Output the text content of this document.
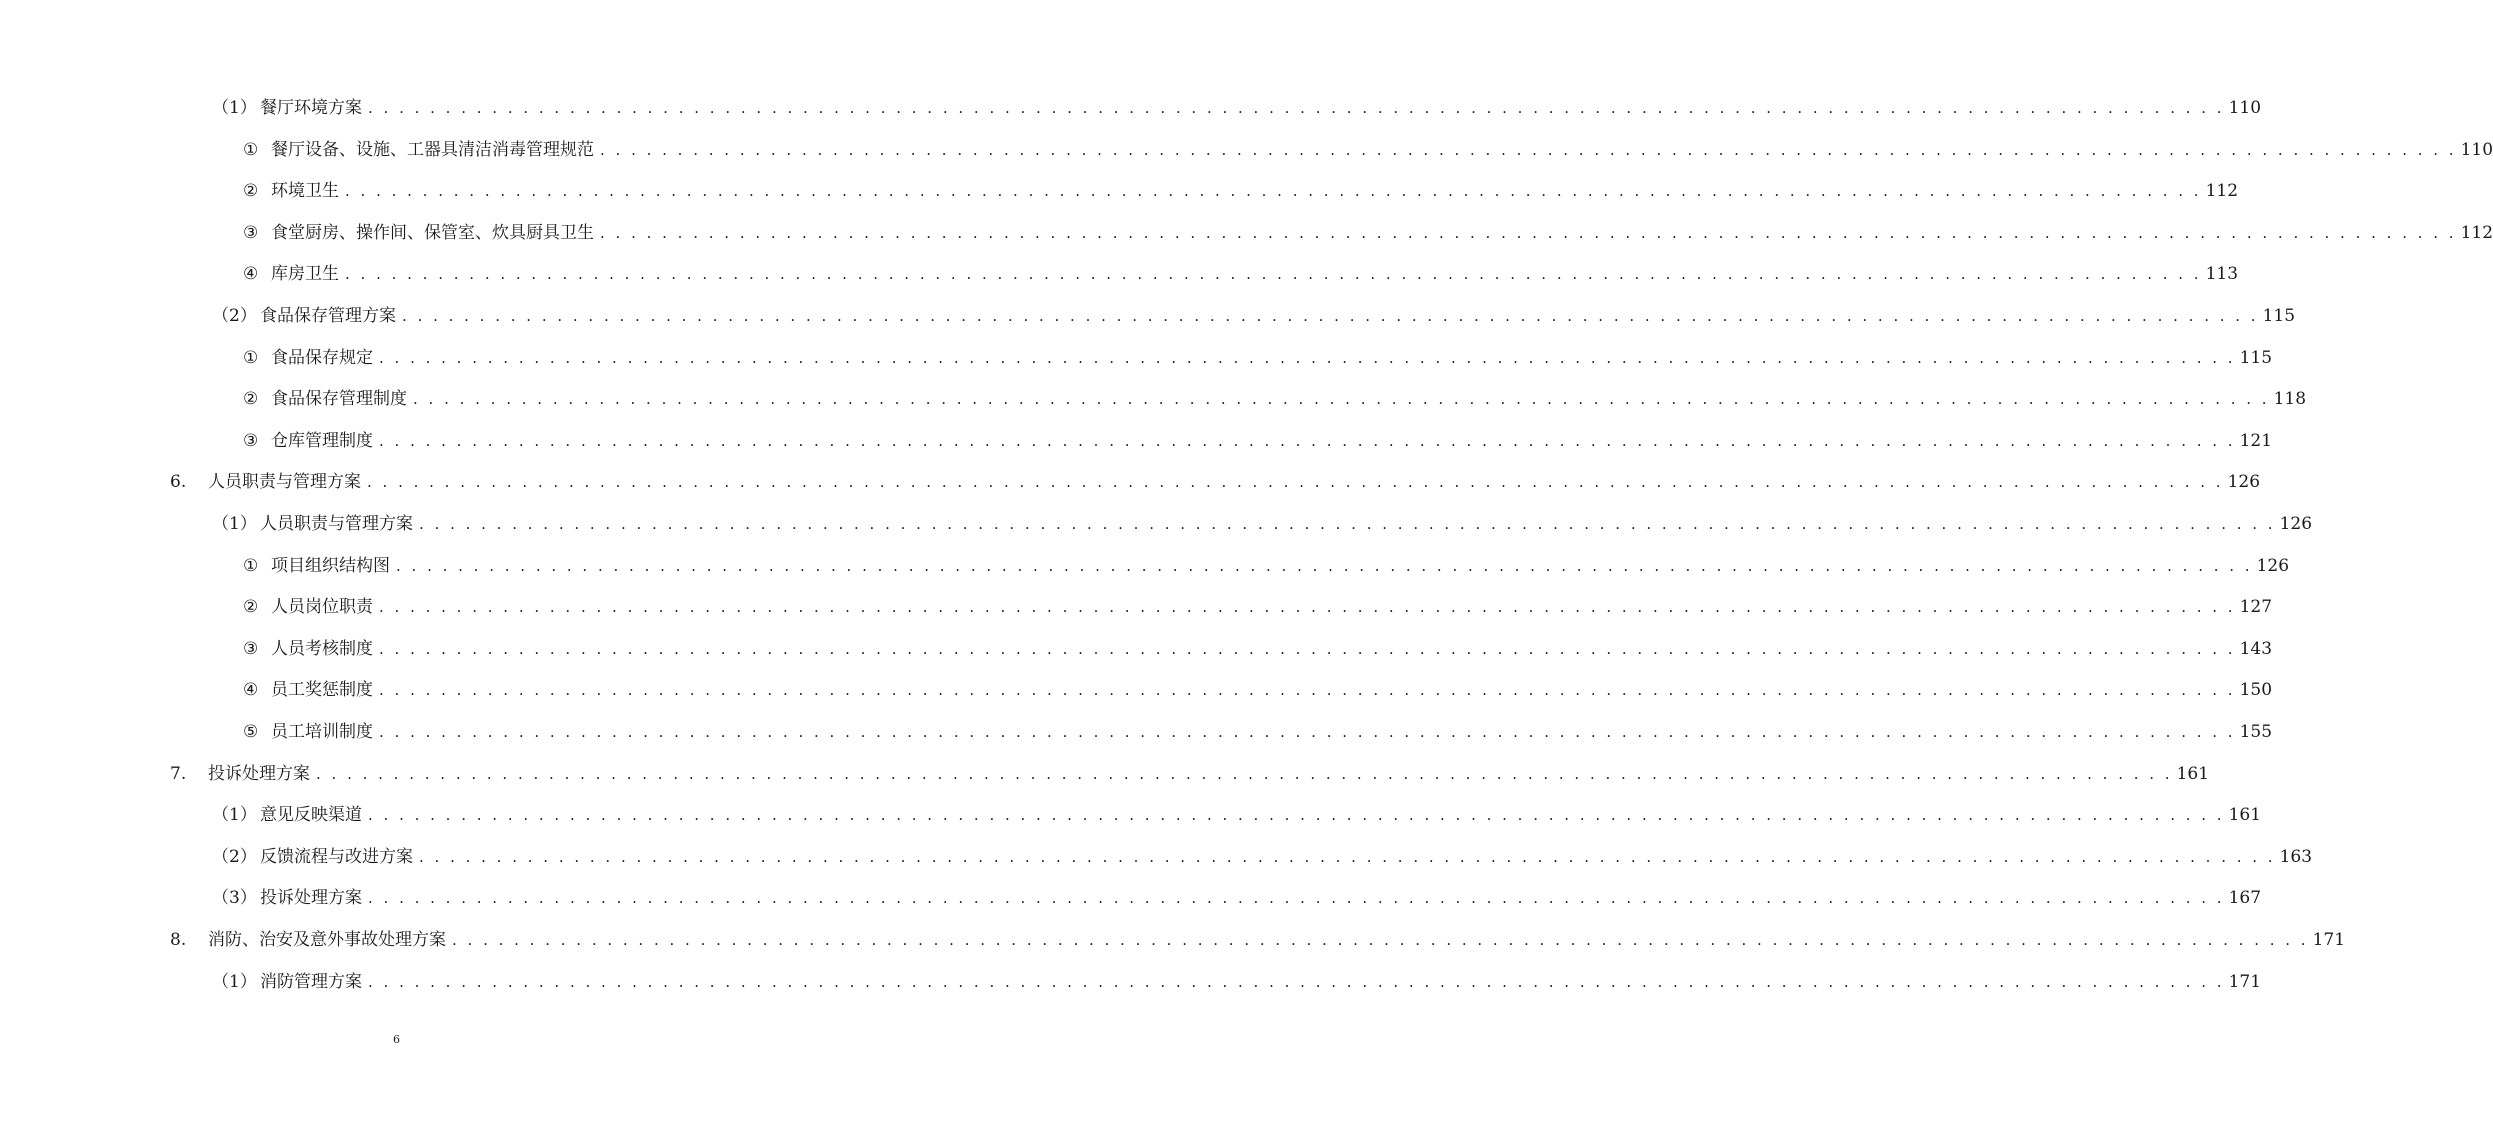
（1） 餐厅环境方案 . . . . . . . . . . . . . . . . . . . . . . . . . . . . . . . . . . . . . . . . . . . . . . . . . . . . . . . . . . . . . . . . . . . . . . . . . . . . . . . . . . . . . . . . . . . . . . . . . . . . . . . . . . . . . . . . . . . . . . . . 110
① 餐厅设备、设施、工器具清洁消毒管理规范 . . . . . . . . . . . . . . . . . . . . . . . . . . . . . . . . . . . . . . . . . . . . . . . . . . . . . . . . . . . . . . . . . . . . . . . . . . . . . . . . . . . . . . . . . . . . . . . . . . . . . . . . . . . . . . . . . . . . . . . . 110
② 环境卫生 . . . . . . . . . . . . . . . . . . . . . . . . . . . . . . . . . . . . . . . . . . . . . . . . . . . . . . . . . . . . . . . . . . . . . . . . . . . . . . . . . . . . . . . . . . . . . . . . . . . . . . . . . . . . . . . . . . . . . . . . 112
③ 食堂厨房、操作间、保管室、炊具厨具卫生 . . . . . . . . . . . . . . . . . . . . . . . . . . . . . . . . . . . . . . . . . . . . . . . . . . . . . . . . . . . . . . . . . . . . . . . . . . . . . . . . . . . . . . . . . . . . . . . . . . . . . . . . . . . . . . . . . . . . . . . . 112
④ 库房卫生 . . . . . . . . . . . . . . . . . . . . . . . . . . . . . . . . . . . . . . . . . . . . . . . . . . . . . . . . . . . . . . . . . . . . . . . . . . . . . . . . . . . . . . . . . . . . . . . . . . . . . . . . . . . . . . . . . . . . . . . . 113
（2） 食品保存管理方案 . . . . . . . . . . . . . . . . . . . . . . . . . . . . . . . . . . . . . . . . . . . . . . . . . . . . . . . . . . . . . . . . . . . . . . . . . . . . . . . . . . . . . . . . . . . . . . . . . . . . . . . . . . . . . . . . . . . . . . . . 115
① 食品保存规定 . . . . . . . . . . . . . . . . . . . . . . . . . . . . . . . . . . . . . . . . . . . . . . . . . . . . . . . . . . . . . . . . . . . . . . . . . . . . . . . . . . . . . . . . . . . . . . . . . . . . . . . . . . . . . . . . . . . . . . . . 115
② 食品保存管理制度 . . . . . . . . . . . . . . . . . . . . . . . . . . . . . . . . . . . . . . . . . . . . . . . . . . . . . . . . . . . . . . . . . . . . . . . . . . . . . . . . . . . . . . . . . . . . . . . . . . . . . . . . . . . . . . . . . . . . . . . . 118
③ 仓库管理制度 . . . . . . . . . . . . . . . . . . . . . . . . . . . . . . . . . . . . . . . . . . . . . . . . . . . . . . . . . . . . . . . . . . . . . . . . . . . . . . . . . . . . . . . . . . . . . . . . . . . . . . . . . . . . . . . . . . . . . . . . 121
6.	人员职责与管理方案 . . . . . . . . . . . . . . . . . . . . . . . . . . . . . . . . . . . . . . . . . . . . . . . . . . . . . . . . . . . . . . . . . . . . . . . . . . . . . . . . . . . . . . . . . . . . . . . . . . . . . . . . . . . . . . . . . . . . . . . . 126
（1） 人员职责与管理方案 . . . . . . . . . . . . . . . . . . . . . . . . . . . . . . . . . . . . . . . . . . . . . . . . . . . . . . . . . . . . . . . . . . . . . . . . . . . . . . . . . . . . . . . . . . . . . . . . . . . . . . . . . . . . . . . . . . . . . . . . 126
① 项目组织结构图 . . . . . . . . . . . . . . . . . . . . . . . . . . . . . . . . . . . . . . . . . . . . . . . . . . . . . . . . . . . . . . . . . . . . . . . . . . . . . . . . . . . . . . . . . . . . . . . . . . . . . . . . . . . . . . . . . . . . . . . . 126
② 人员岗位职责 . . . . . . . . . . . . . . . . . . . . . . . . . . . . . . . . . . . . . . . . . . . . . . . . . . . . . . . . . . . . . . . . . . . . . . . . . . . . . . . . . . . . . . . . . . . . . . . . . . . . . . . . . . . . . . . . . . . . . . . . 127
③ 人员考核制度 . . . . . . . . . . . . . . . . . . . . . . . . . . . . . . . . . . . . . . . . . . . . . . . . . . . . . . . . . . . . . . . . . . . . . . . . . . . . . . . . . . . . . . . . . . . . . . . . . . . . . . . . . . . . . . . . . . . . . . . . 143
④ 员工奖惩制度 . . . . . . . . . . . . . . . . . . . . . . . . . . . . . . . . . . . . . . . . . . . . . . . . . . . . . . . . . . . . . . . . . . . . . . . . . . . . . . . . . . . . . . . . . . . . . . . . . . . . . . . . . . . . . . . . . . . . . . . . 150
⑤ 员工培训制度 . . . . . . . . . . . . . . . . . . . . . . . . . . . . . . . . . . . . . . . . . . . . . . . . . . . . . . . . . . . . . . . . . . . . . . . . . . . . . . . . . . . . . . . . . . . . . . . . . . . . . . . . . . . . . . . . . . . . . . . . 155
7.	投诉处理方案 . . . . . . . . . . . . . . . . . . . . . . . . . . . . . . . . . . . . . . . . . . . . . . . . . . . . . . . . . . . . . . . . . . . . . . . . . . . . . . . . . . . . . . . . . . . . . . . . . . . . . . . . . . . . . . . . . . . . . . . . 161
（1） 意见反映渠道 . . . . . . . . . . . . . . . . . . . . . . . . . . . . . . . . . . . . . . . . . . . . . . . . . . . . . . . . . . . . . . . . . . . . . . . . . . . . . . . . . . . . . . . . . . . . . . . . . . . . . . . . . . . . . . . . . . . . . . . . 161
（2） 反馈流程与改进方案 . . . . . . . . . . . . . . . . . . . . . . . . . . . . . . . . . . . . . . . . . . . . . . . . . . . . . . . . . . . . . . . . . . . . . . . . . . . . . . . . . . . . . . . . . . . . . . . . . . . . . . . . . . . . . . . . . . . . . . . . 163
（3） 投诉处理方案 . . . . . . . . . . . . . . . . . . . . . . . . . . . . . . . . . . . . . . . . . . . . . . . . . . . . . . . . . . . . . . . . . . . . . . . . . . . . . . . . . . . . . . . . . . . . . . . . . . . . . . . . . . . . . . . . . . . . . . . . 167
8.	消防、治安及意外事故处理方案 . . . . . . . . . . . . . . . . . . . . . . . . . . . . . . . . . . . . . . . . . . . . . . . . . . . . . . . . . . . . . . . . . . . . . . . . . . . . . . . . . . . . . . . . . . . . . . . . . . . . . . . . . . . . . . . . . . . . . . . . 171
（1） 消防管理方案 . . . . . . . . . . . . . . . . . . . . . . . . . . . . . . . . . . . . . . . . . . . . . . . . . . . . . . . . . . . . . . . . . . . . . . . . . . . . . . . . . . . . . . . . . . . . . . . . . . . . . . . . . . . . . . . . . . . . . . . . 171
6
